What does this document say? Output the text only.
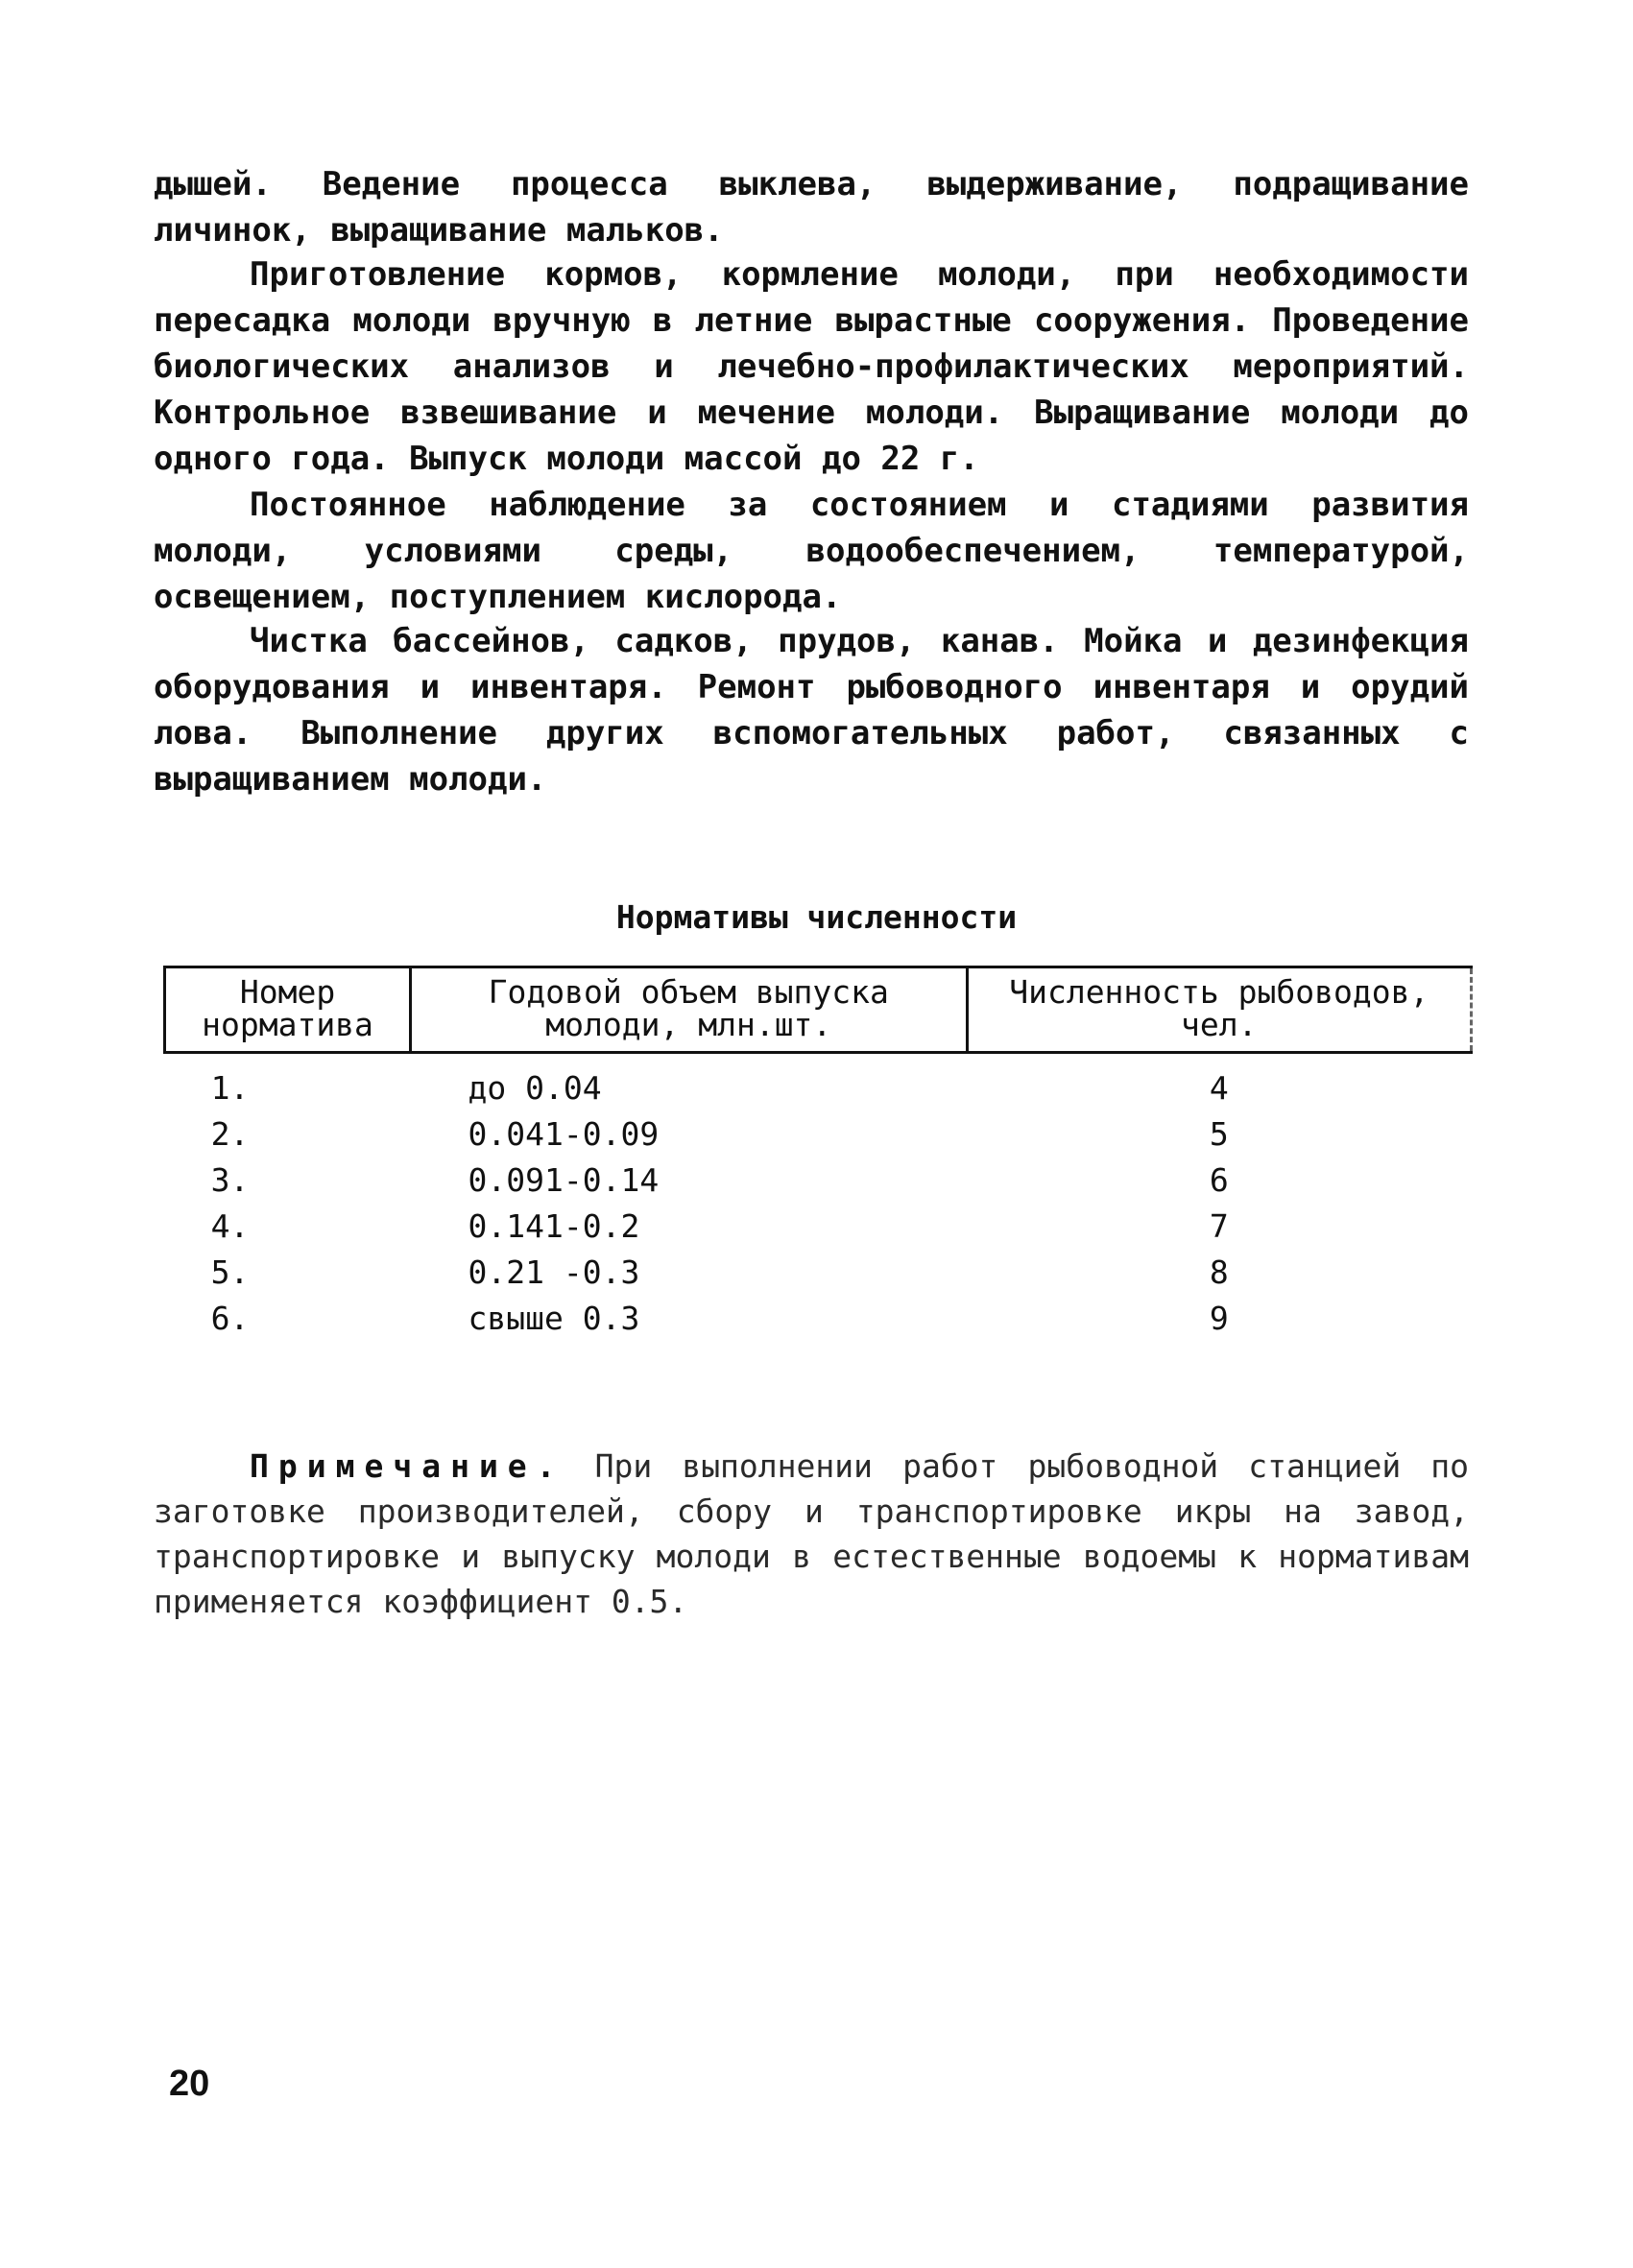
дышей. Ведение процесса выклева, выдерживание, подращивание личинок, выращивание мальков.

Приготовление кормов, кормление молоди, при необходимости пересадка молоди вручную в летние вырастные сооружения. Проведение биологических анализов и лечебно-профилактических мероприятий. Контрольное взвешивание и мечение молоди. Выращивание молоди до одного года. Выпуск молоди массой до 22 г.

Постоянное наблюдение за состоянием и стадиями развития молоди, условиями среды, водообеспечением, температурой, освещением, поступлением кислорода.

Чистка бассейнов, садков, прудов, канав. Мойка и дезинфекция оборудования и инвентаря. Ремонт рыбоводного инвентаря и орудий лова. Выполнение других вспомогательных работ, связанных с выращиванием молоди.

Нормативы численности
Номер норматива	Годовой объем выпуска молоди, млн.шт.	Численность рыбоводов, чел.
1.	до 0.04	4
2.	0.041-0.09	5
3.	0.091-0.14	6
4.	0.141-0.2	7
5.	0.21 -0.3	8
6.	свыше 0.3	9

Примечание. При выполнении работ рыбоводной станцией по заготовке производителей, сбору и транспортировке икры на завод, транспортировке и выпуску молоди в естественные водоемы к нормативам применяется коэффициент 0.5.

20
